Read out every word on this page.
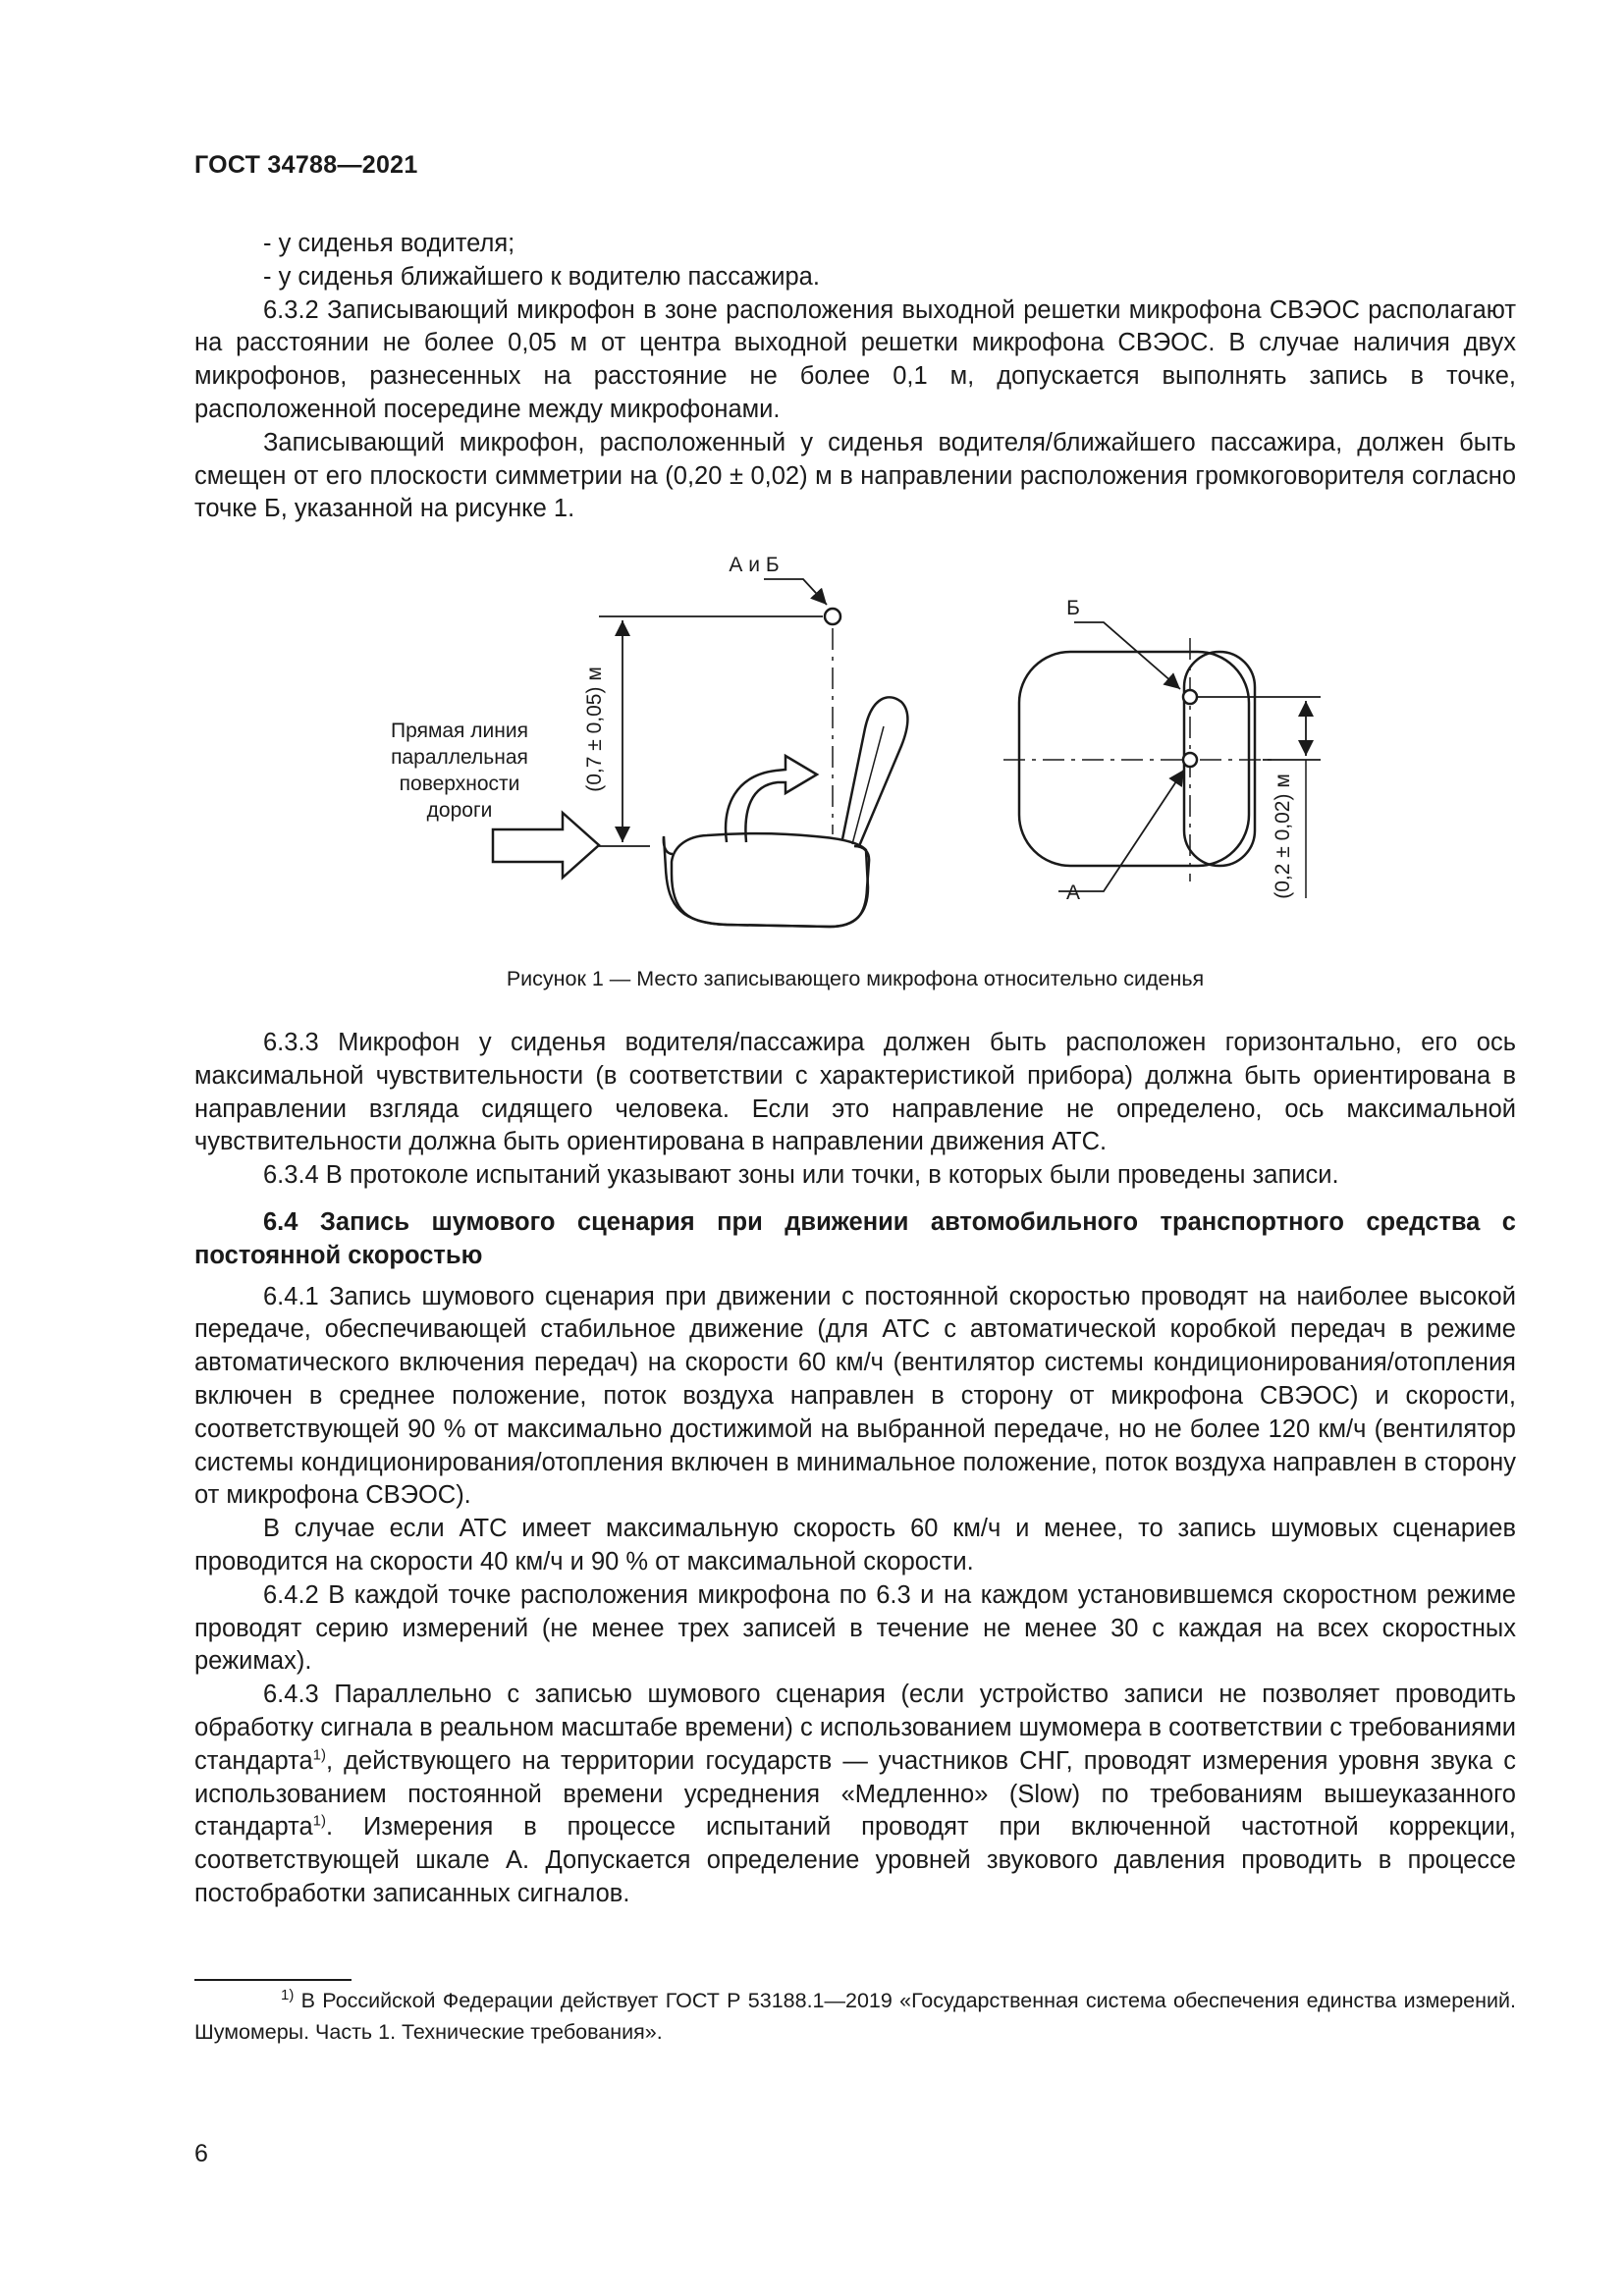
ГОСТ 34788—2021

- у сиденья водителя;

- у сиденья ближайшего к водителю пассажира.

6.3.2 Записывающий микрофон в зоне расположения выходной решетки микрофона СВЭОС располагают на расстоянии не более 0,05 м от центра выходной решетки микрофона СВЭОС. В случае наличия двух микрофонов, разнесенных на расстояние не более 0,1 м, допускается выполнять запись в точке, расположенной посередине между микрофонами.

Записывающий микрофон, расположенный у сиденья водителя/ближайшего пассажира, должен быть смещен от его плоскости симметрии на (0,20 ± 0,02) м в направлении расположения громкоговорителя согласно точке Б, указанной на рисунке 1.

А и Б
Б
А
(0,7 ± 0,05) м
(0,2 ± 0,02) м
Прямая линия
параллельная
поверхности
дороги
Рисунок 1 — Место записывающего микрофона относительно сиденья

6.3.3 Микрофон у сиденья водителя/пассажира должен быть расположен горизонтально, его ось максимальной чувствительности (в соответствии с характеристикой прибора) должна быть ориентирована в направлении взгляда сидящего человека. Если это направление не определено, ось максимальной чувствительности должна быть ориентирована в направлении движения АТС.

6.3.4 В протоколе испытаний указывают зоны или точки, в которых были проведены записи.

6.4 Запись шумового сценария при движении автомобильного транспортного средства с постоянной скоростью

6.4.1 Запись шумового сценария при движении с постоянной скоростью проводят на наиболее высокой передаче, обеспечивающей стабильное движение (для АТС с автоматической коробкой передач в режиме автоматического включения передач) на скорости 60 км/ч (вентилятор системы кондиционирования/отопления включен в среднее положение, поток воздуха направлен в сторону от микрофона СВЭОС) и скорости, соответствующей 90 % от максимально достижимой на выбранной передаче, но не более 120 км/ч (вентилятор системы кондиционирования/отопления включен в минимальное положение, поток воздуха направлен в сторону от микрофона СВЭОС).

В случае если АТС имеет максимальную скорость 60 км/ч и менее, то запись шумовых сценариев проводится на скорости 40 км/ч и 90 % от максимальной скорости.

6.4.2 В каждой точке расположения микрофона по 6.3 и на каждом установившемся скоростном режиме проводят серию измерений (не менее трех записей в течение не менее 30 с каждая на всех скоростных режимах).

6.4.3 Параллельно с записью шумового сценария (если устройство записи не позволяет проводить обработку сигнала в реальном масштабе времени) с использованием шумомера в соответствии с требованиями стандарта$^{1)}$, действующего на территории государств — участников СНГ, проводят измерения уровня звука с использованием постоянной времени усреднения «Медленно» (Slow) по требованиям вышеуказанного стандарта$^{1)}$. Измерения в процессе испытаний проводят при включенной частотной коррекции, соответствующей шкале А. Допускается определение уровней звукового давления проводить в процессе постобработки записанных сигналов.

$^{1)}$ В Российской Федерации действует ГОСТ Р 53188.1—2019 «Государственная система обеспечения единства измерений. Шумомеры. Часть 1. Технические требования».

6
